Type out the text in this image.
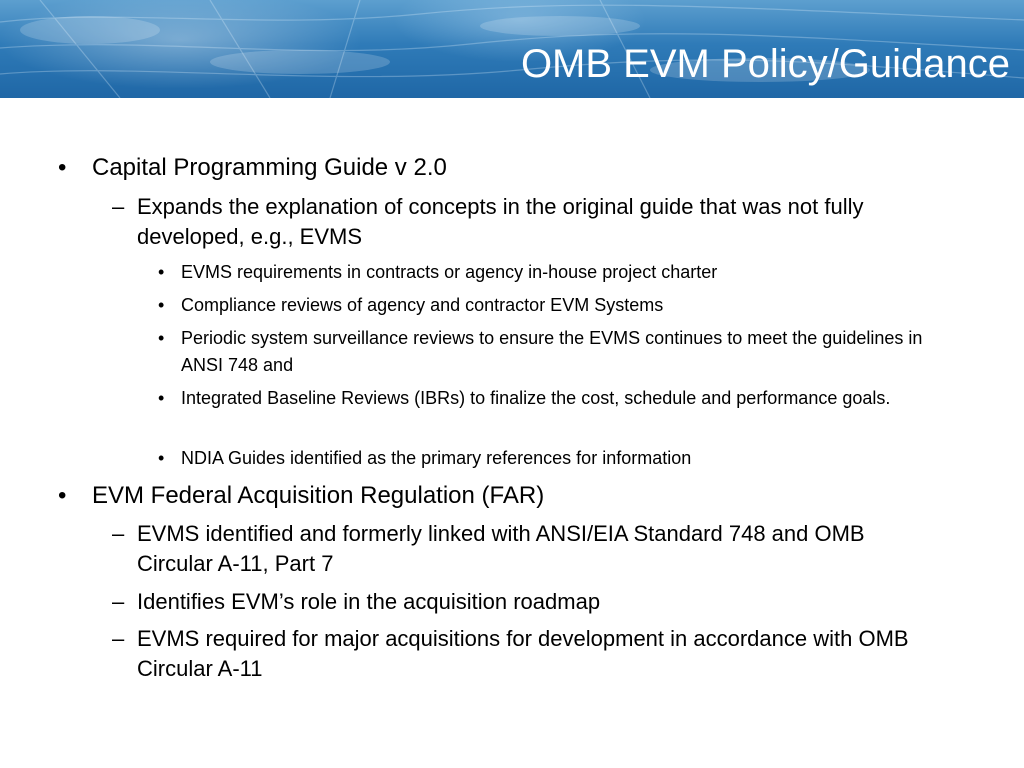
OMB EVM Policy/Guidance
• Capital Programming Guide v 2.0
– Expands the explanation of concepts in the original guide that was not fully developed, e.g., EVMS
• EVMS requirements in contracts or agency in-house project charter
• Compliance reviews of agency and contractor EVM Systems
• Periodic system surveillance reviews to ensure the EVMS continues to meet the guidelines in ANSI 748 and
• Integrated Baseline Reviews (IBRs) to finalize the cost, schedule and performance goals.
• NDIA Guides identified as the primary references for information
• EVM Federal Acquisition Regulation (FAR)
– EVMS identified and formerly linked with ANSI/EIA Standard 748 and OMB Circular A-11, Part 7
– Identifies EVM’s role in the acquisition roadmap
– EVMS required for major acquisitions for development in accordance with OMB Circular A-11
